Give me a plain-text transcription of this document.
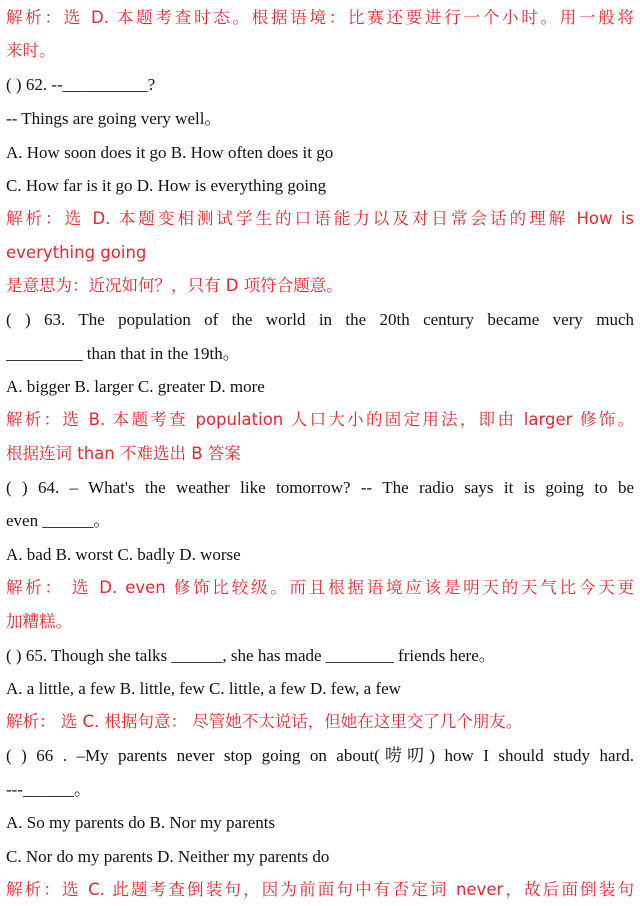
解析：选 D. 本题考查时态。根据语境：比赛还要进行一个小时。用一般将
来时。
( ) 62. --__________?
-- Things are going very well。
A. How soon does it go B. How often does it go
C. How far is it go D. How is everything going
解析：选 D. 本题变相测试学生的口语能力以及对日常会话的理解 How is
everything going
是意思为：近况如何？，只有 D 项符合题意。
( ) 63. The population of the world in the 20th century became very much
_________ than that in the 19th。
A. bigger B. larger C. greater D. more
解析：选 B. 本题考查 population 人口大小的固定用法，即由 larger 修饰。
根据连词 than 不难选出 B 答案
( ) 64. – What's the weather like tomorrow? -- The radio says it is going to be
even ______。
A. bad B. worst C. badly D. worse
解析： 选 D. even 修饰比较级。而且根据语境应该是明天的天气比今天更
加糟糕。
( ) 65. Though she talks ______, she has made ________ friends here。
A. a little, a few B. little, few C. little, a few D. few, a few
解析： 选 C. 根据句意： 尽管她不太说话，但她在这里交了几个朋友。
( ) 66 . –My parents never stop going on about(唠叨) how I should study hard.
---______。
A. So my parents do B. Nor my parents
C. Nor do my parents D. Neither my parents do
解析：选 C. 此题考查倒装句，因为前面句中有否定词 never，故后面倒装句
